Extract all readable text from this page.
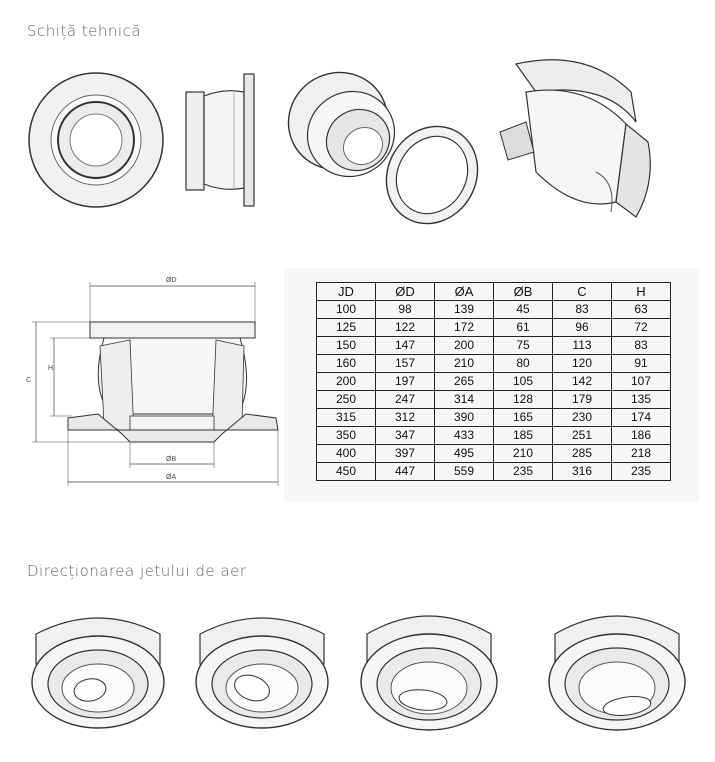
Schiță tehnică
ØD
H
C
ØB
ØA
JD	ØD	ØA	ØB	C	H
100	98	139	45	83	63
125	122	172	61	96	72
150	147	200	75	113	83
160	157	210	80	120	91
200	197	265	105	142	107
250	247	314	128	179	135
315	312	390	165	230	174
350	347	433	185	251	186
400	397	495	210	285	218
450	447	559	235	316	235
Direcționarea jetului de aer
